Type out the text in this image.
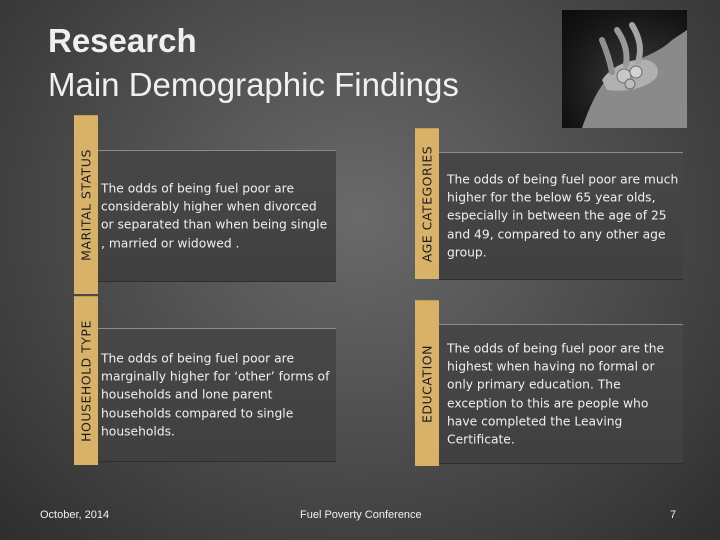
Research
Main Demographic Findings
MARITAL STATUS The odds of being fuel poor are considerably higher when divorced or separated than when being single , married or widowed .
HOUSEHOLD TYPE The odds of being fuel poor are marginally higher for ‘other’ forms of households and lone parent households compared to single households.
AGE CATEGORIES The odds of being fuel poor are much higher for the below 65 year olds, especially in between the age of 25 and 49, compared to any other age group.
EDUCATION The odds of being fuel poor are the highest when having no formal or only primary education. The exception to this are people who have completed the Leaving Certificate.
October, 2014	Fuel Poverty Conference	7
